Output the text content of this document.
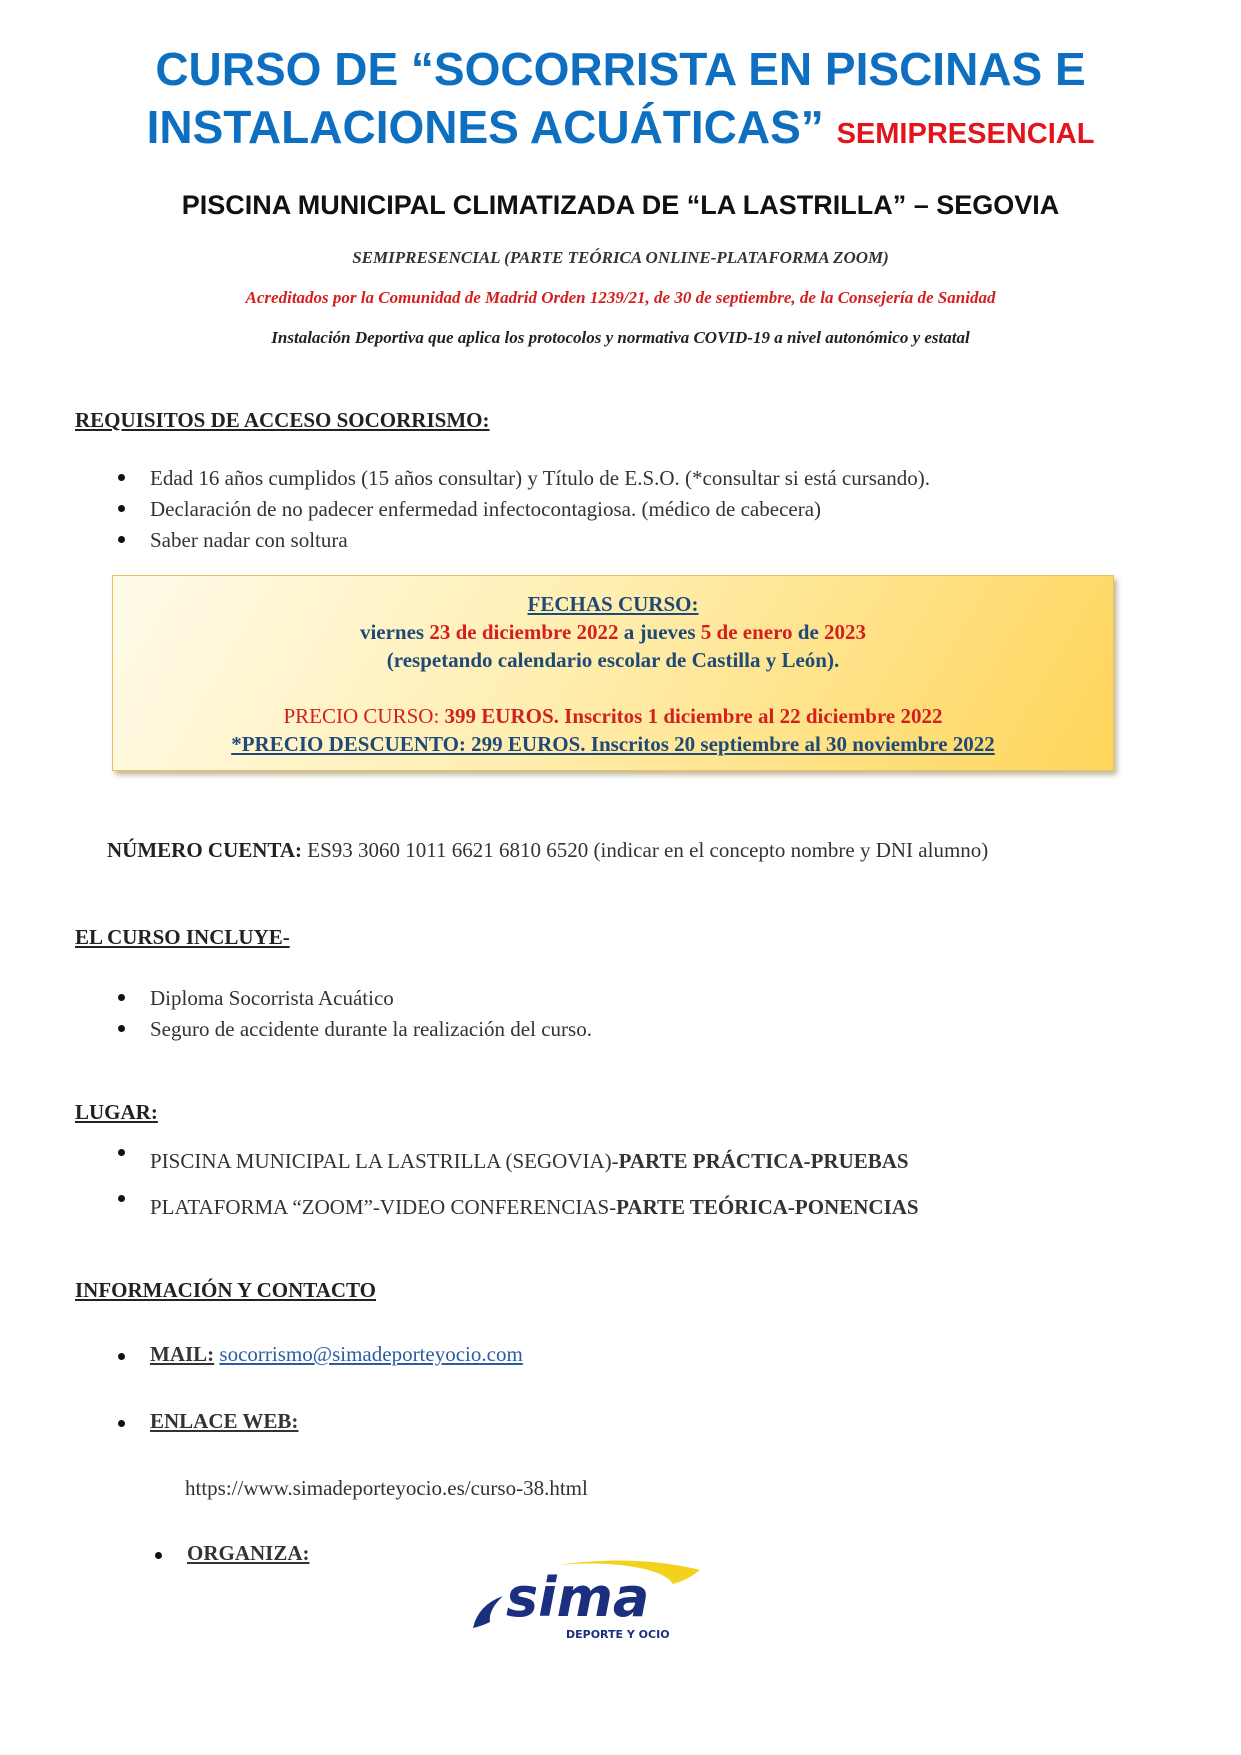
CURSO DE “SOCORRISTA EN PISCINAS E
INSTALACIONES ACUÁTICAS” SEMIPRESENCIAL
PISCINA MUNICIPAL CLIMATIZADA DE “LA LASTRILLA” – SEGOVIA
SEMIPRESENCIAL (PARTE TEÓRICA ONLINE-PLATAFORMA ZOOM)
Acreditados por la Comunidad de Madrid Orden 1239/21, de 30 de septiembre, de la Consejería de Sanidad
Instalación Deportiva que aplica los protocolos y normativa COVID-19 a nivel autonómico y estatal
REQUISITOS DE ACCESO SOCORRISMO:
Edad 16 años cumplidos (15 años consultar) y Título de E.S.O. (*consultar si está cursando).
Declaración de no padecer enfermedad infectocontagiosa. (médico de cabecera)
Saber nadar con soltura
FECHAS CURSO:
viernes 23 de diciembre 2022 a jueves 5 de enero de 2023
(respetando calendario escolar de Castilla y León).
PRECIO CURSO: 399 EUROS. Inscritos 1 diciembre al 22 diciembre 2022
*PRECIO DESCUENTO: 299 EUROS. Inscritos 20 septiembre al 30 noviembre 2022
NÚMERO CUENTA: ES93 3060 1011 6621 6810 6520 (indicar en el concepto nombre y DNI alumno)
EL CURSO INCLUYE-
Diploma Socorrista Acuático
Seguro de accidente durante la realización del curso.
LUGAR:
PISCINA MUNICIPAL LA LASTRILLA (SEGOVIA)-PARTE PRÁCTICA-PRUEBAS
PLATAFORMA “ZOOM”-VIDEO CONFERENCIAS-PARTE TEÓRICA-PONENCIAS
INFORMACIÓN Y CONTACTO
MAIL: socorrismo@simadeporteyocio.com
ENLACE WEB:
https://www.simadeporteyocio.es/curso-38.html
ORGANIZA:
sima
DEPORTE Y OCIO
